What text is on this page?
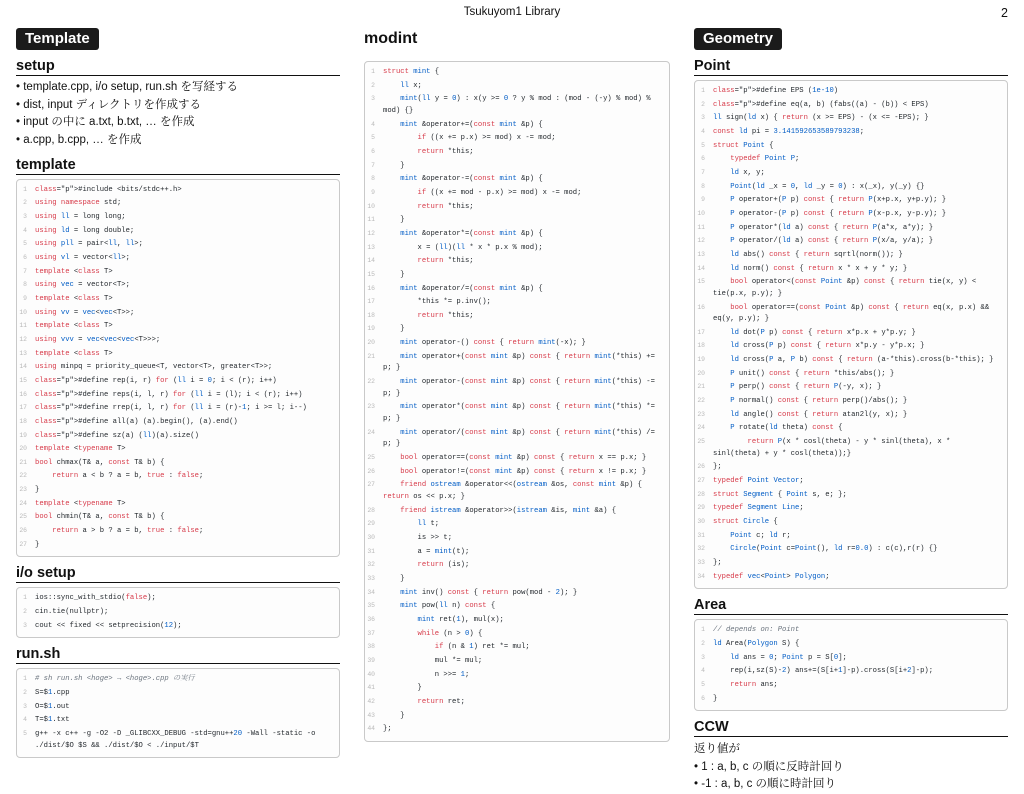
Tsukuyom1 Library	2
Template
setup
• template.cpp, i/o setup, run.sh を写経する
• dist, input ディレクトリを作成する
• input の中に a.txt, b.txt, … を作成
• a.cpp, b.cpp, … を作成
template
1	class="p">#include <bits/stdc++.h>
2	using namespace std;
3	using ll = long long;
4	using ld = long double;
5	using pll = pair<ll, ll>;
6	using vl = vector<ll>;
7	template <class T>
8	using vec = vector<T>;
9	template <class T>
10	using vv = vec<vec<T>>;
11	template <class T>
12	using vvv = vec<vec<vec<T>>>;
13	template <class T>
14	using minpq = priority_queue<T, vector<T>, greater<T>>;
15	class="p">#define rep(i, r) for (ll i = 0; i < (r); i++)
16	class="p">#define reps(i, l, r) for (ll i = (l); i < (r); i++)
17	class="p">#define rrep(i, l, r) for (ll i = (r)-1; i >= l; i--)
18	class="p">#define all(a) (a).begin(), (a).end()
19	class="p">#define sz(a) (ll)(a).size()
20	template <typename T>
21	bool chmax(T& a, const T& b) {
22	return a < b ? a = b, true : false;
23	}
24	template <typename T>
25	bool chmin(T& a, const T& b) {
26	return a > b ? a = b, true : false;
27	}
i/o setup
1	ios::sync_with_stdio(false);
2	cin.tie(nullptr);
3	cout << fixed << setprecision(12);
run.sh
1	# sh run.sh <hoge> → <hoge>.cpp の実行
2	S=$1.cpp
3	O=$1.out
4	T=$1.txt
5	g++ -x c++ -g -O2 -D _GLIBCXX_DEBUG -std=gnu++20 -Wall -static -o ./dist/$O $S && ./dist/$O < ./input/$T
modint
1	struct mint {
2	ll x;
3	mint(ll y = 0) : x(y >= 0 ? y % mod : (mod - (-y) % mod) % mod) {}
4	mint &operator+=(const mint &p) {
5	if ((x += p.x) >= mod) x -= mod;
6	return *this;
7	}
8	mint &operator-=(const mint &p) {
9	if ((x += mod - p.x) >= mod) x -= mod;
10	return *this;
11	}
12	mint &operator*=(const mint &p) {
13	x = (ll)(ll * x * p.x % mod);
14	return *this;
15	}
16	mint &operator/=(const mint &p) {
17	*this *= p.inv();
18	return *this;
19	}
20	mint operator-() const { return mint(-x); }
21	mint operator+(const mint &p) const { return mint(*this) += p; }
22	mint operator-(const mint &p) const { return mint(*this) -= p; }
23	mint operator*(const mint &p) const { return mint(*this) *= p; }
24	mint operator/(const mint &p) const { return mint(*this) /= p; }
25	bool operator==(const mint &p) const { return x == p.x; }
26	bool operator!=(const mint &p) const { return x != p.x; }
27	friend ostream &operator<<(ostream &os, const mint &p) { return os << p.x; }
28	friend istream &operator>>(istream &is, mint &a) {
29	ll t;
30	is >> t;
31	a = mint(t);
32	return (is);
33	}
34	mint inv() const { return pow(mod - 2); }
35	mint pow(ll n) const {
36	mint ret(1), mul(x);
37	while (n > 0) {
38	if (n & 1) ret *= mul;
39	mul *= mul;
40	n >>= 1;
41	}
42	return ret;
43	}
44	};
Geometry
Point
1	class="p">#define EPS (1e-10)
2	class="p">#define eq(a, b) (fabs((a) - (b)) < EPS)
3	ll sign(ld x) { return (x >= EPS) - (x <= -EPS); }
4	const ld pi = 3.141592653589793238;
5	struct Point {
6	typedef Point P;
7	ld x, y;
8	Point(ld _x = 0, ld _y = 0) : x(_x), y(_y) {}
9	P operator+(P p) const { return P(x+p.x, y+p.y); }
10	P operator-(P p) const { return P(x-p.x, y-p.y); }
11	P operator*(ld a) const { return P(a*x, a*y); }
12	P operator/(ld a) const { return P(x/a, y/a); }
13	ld abs() const { return sqrtl(norm()); }
14	ld norm() const { return x * x + y * y; }
15	bool operator<(const Point &p) const { return tie(x, y) < tie(p.x, p.y); }
16	bool operator==(const Point &p) const { return eq(x, p.x) && eq(y, p.y); }
17	ld dot(P p) const { return x*p.x + y*p.y; }
18	ld cross(P p) const { return x*p.y - y*p.x; }
19	ld cross(P a, P b) const { return (a-*this).cross(b-*this); }
20	P unit() const { return *this/abs(); }
21	P perp() const { return P(-y, x); }
22	P normal() const { return perp()/abs(); }
23	ld angle() const { return atan2l(y, x); }
24	P rotate(ld theta) const {
25	return P(x * cosl(theta) - y * sinl(theta), x * sinl(theta) + y * cosl(theta));}
26	};
27	typedef Point Vector;
28	struct Segment { Point s, e; };
29	typedef Segment Line;
30	struct Circle {
31	Point c; ld r;
32	Circle(Point c=Point(), ld r=0.0) : c(c),r(r) {}
33	};
34	typedef vec<Point> Polygon;
Area
1	// depends on: Point
2	ld Area(Polygon S) {
3	ld ans = 0; Point p = S[0];
4	rep(i,sz(S)-2) ans+=(S[i+1]-p).cross(S[i+2]-p);
5	return ans;
6	}
CCW
返り値が
• 1 : a, b, c の順に反時計回り
• -1 : a, b, c の順に時計回り
